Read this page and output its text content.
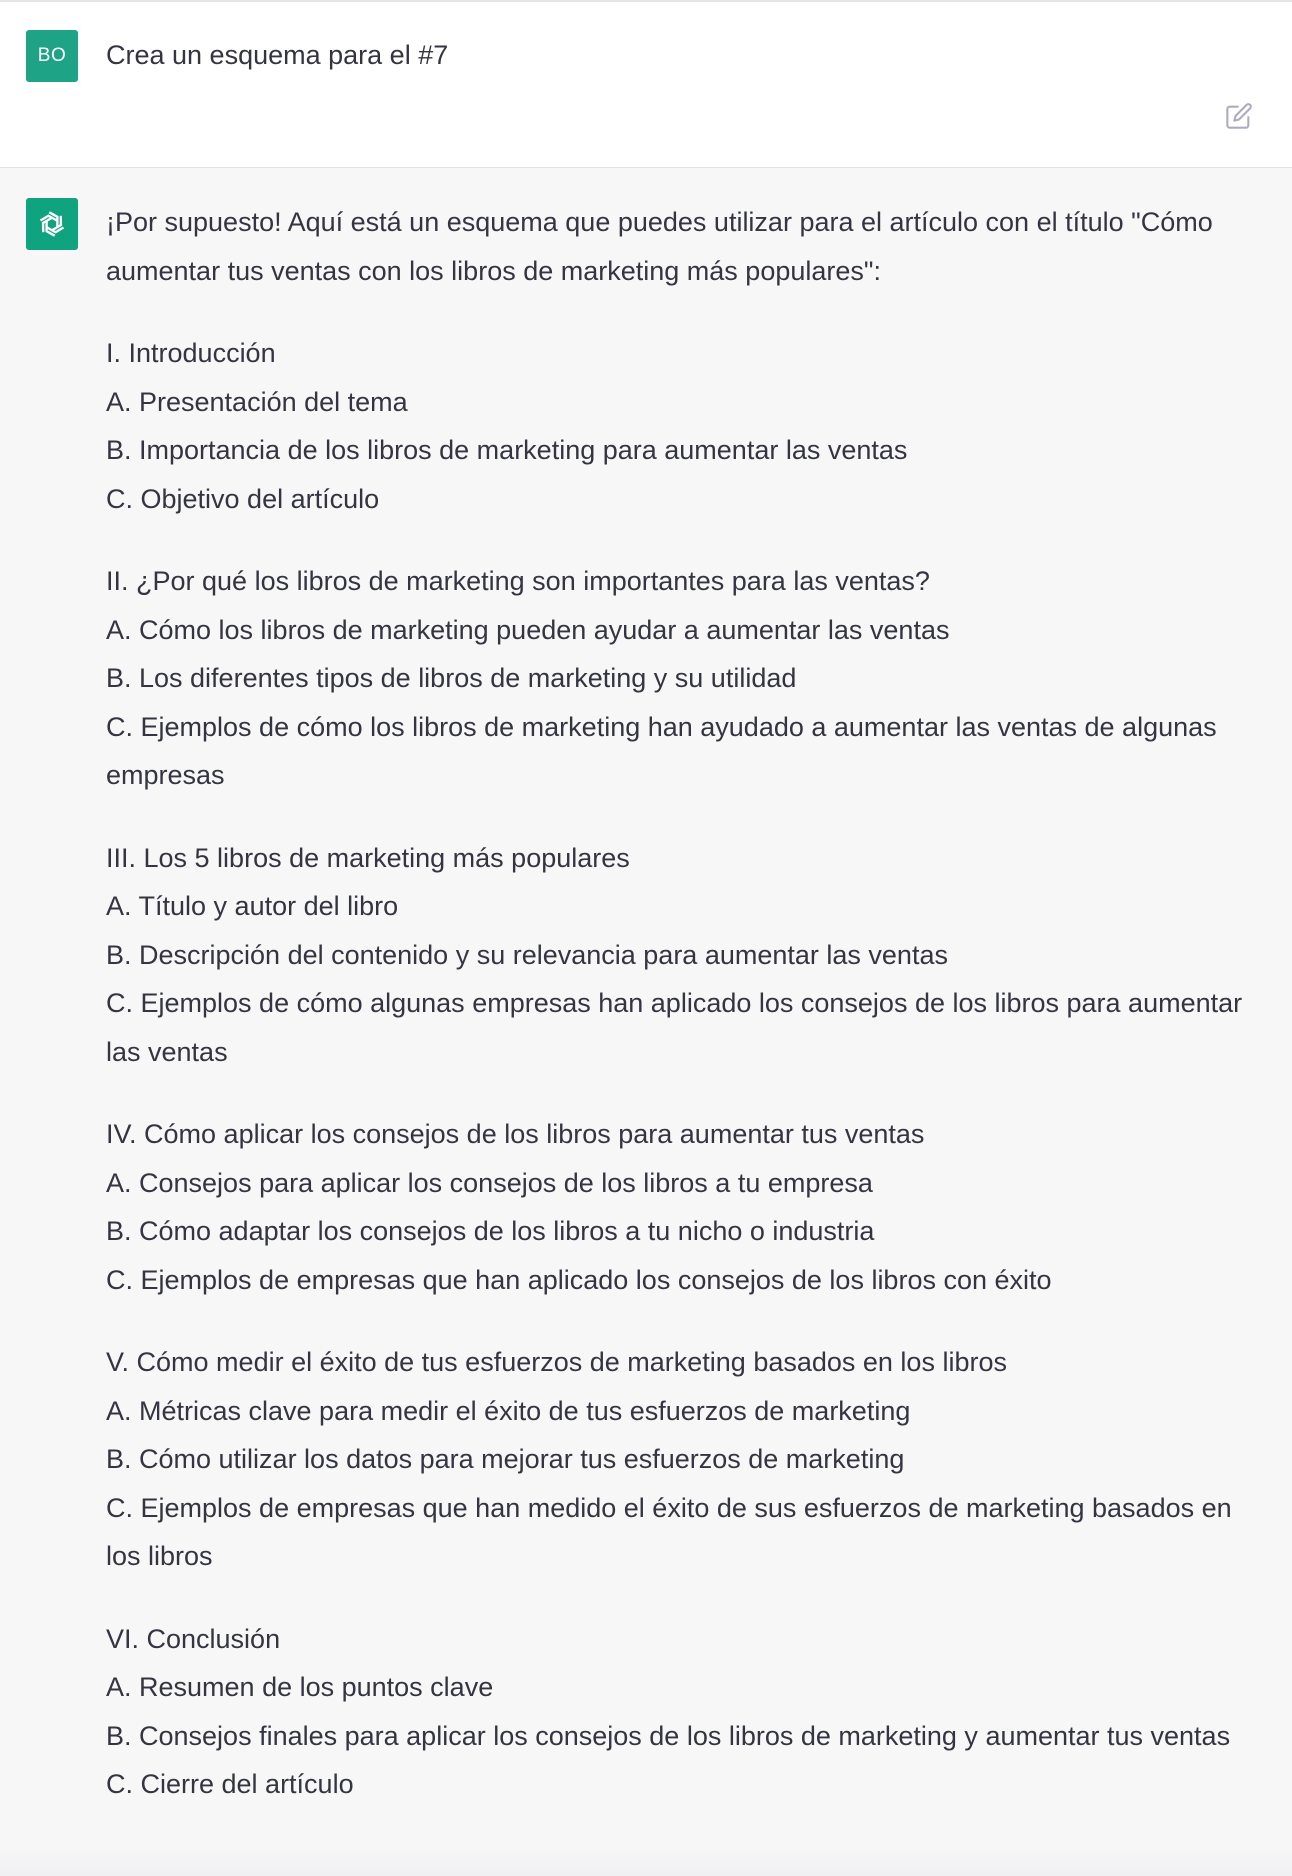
BO Crea un esquema para el #7

¡Por supuesto! Aquí está un esquema que puedes utilizar para el artículo con el título "Cómo aumentar tus ventas con los libros de marketing más populares":

I. Introducción
A. Presentación del tema
B. Importancia de los libros de marketing para aumentar las ventas
C. Objetivo del artículo
II. ¿Por qué los libros de marketing son importantes para las ventas?
A. Cómo los libros de marketing pueden ayudar a aumentar las ventas
B. Los diferentes tipos de libros de marketing y su utilidad
C. Ejemplos de cómo los libros de marketing han ayudado a aumentar las ventas de algunas empresas
III. Los 5 libros de marketing más populares
A. Título y autor del libro
B. Descripción del contenido y su relevancia para aumentar las ventas
C. Ejemplos de cómo algunas empresas han aplicado los consejos de los libros para aumentar las ventas
IV. Cómo aplicar los consejos de los libros para aumentar tus ventas
A. Consejos para aplicar los consejos de los libros a tu empresa
B. Cómo adaptar los consejos de los libros a tu nicho o industria
C. Ejemplos de empresas que han aplicado los consejos de los libros con éxito
V. Cómo medir el éxito de tus esfuerzos de marketing basados en los libros
A. Métricas clave para medir el éxito de tus esfuerzos de marketing
B. Cómo utilizar los datos para mejorar tus esfuerzos de marketing
C. Ejemplos de empresas que han medido el éxito de sus esfuerzos de marketing basados en los libros
VI. Conclusión
A. Resumen de los puntos clave
B. Consejos finales para aplicar los consejos de los libros de marketing y aumentar tus ventas
C. Cierre del artículo
